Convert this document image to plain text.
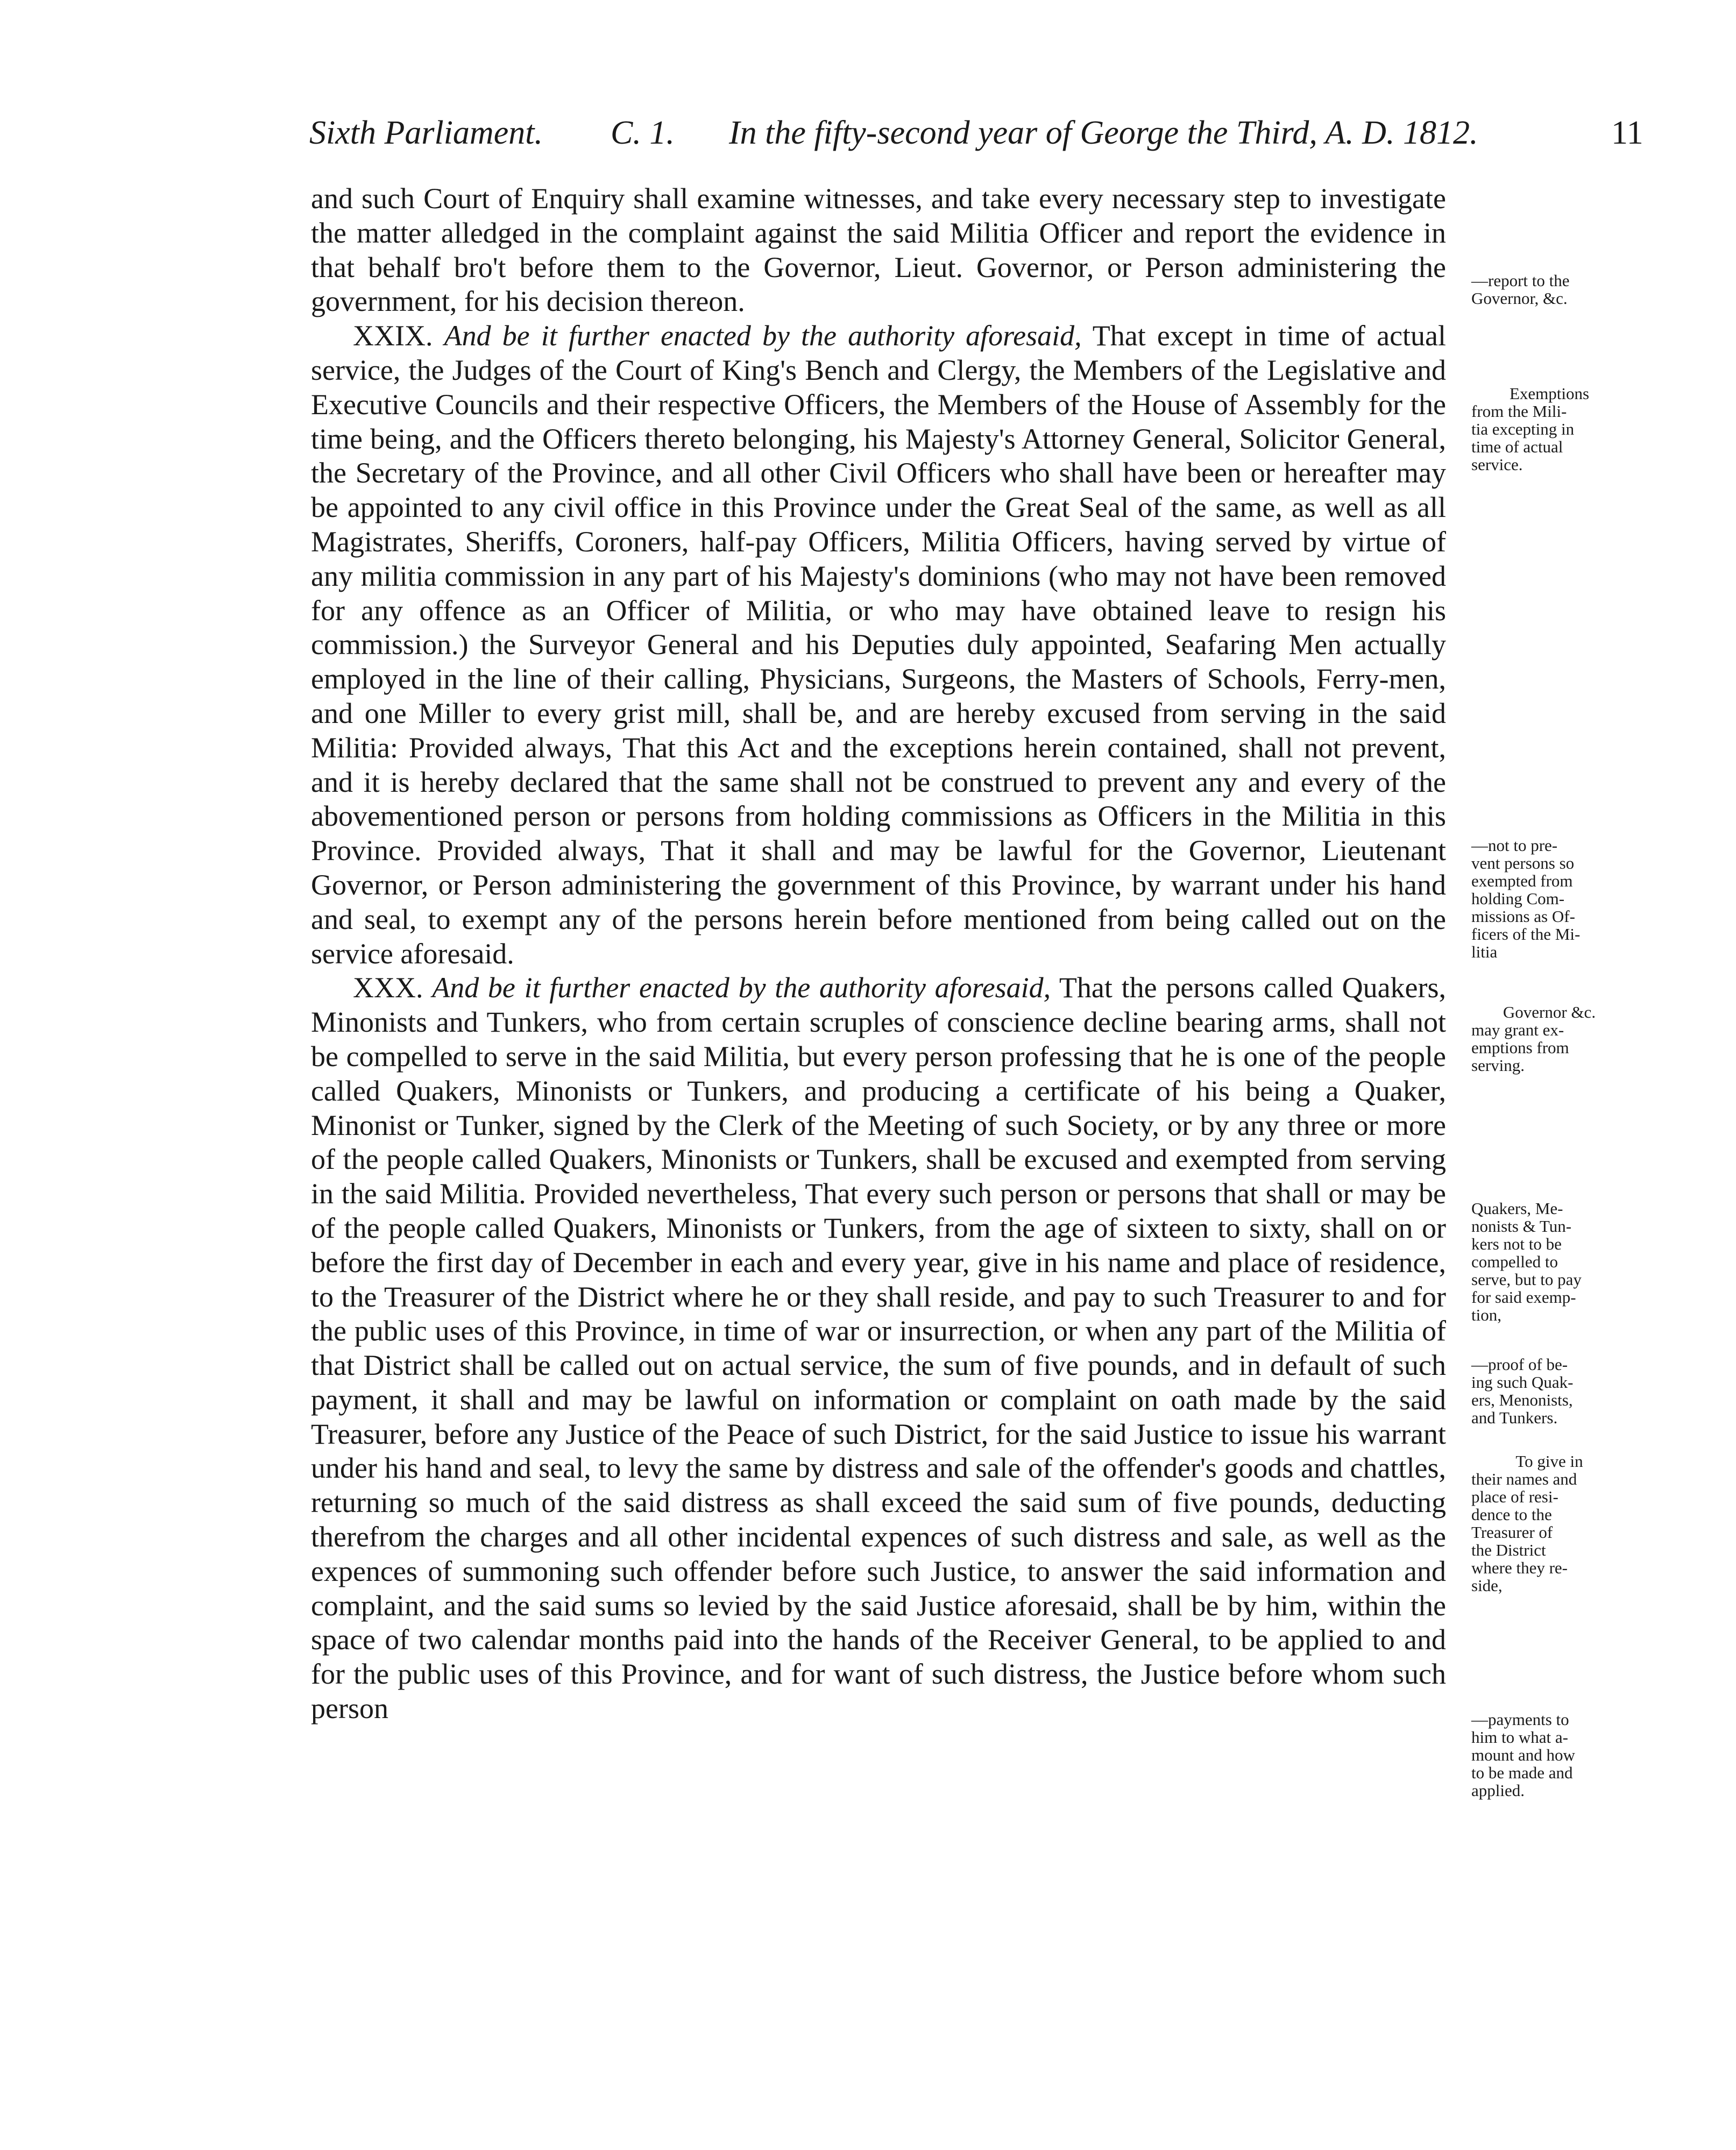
Sixth Parliament. C. 1. In the fifty-second year of George the Third, A. D. 1812.	11

and such Court of Enquiry shall examine witnesses, and take every necessary step to investigate the matter alledged in the complaint against the said Militia Officer and report the evidence in that behalf bro't before them to the Governor, Lieut. Governor, or Person administering the government, for his decision thereon.

XXIX. And be it further enacted by the authority aforesaid, That except in time of actual service, the Judges of the Court of King's Bench and Clergy, the Members of the Legislative and Executive Councils and their respective Officers, the Members of the House of Assembly for the time being, and the Officers thereto belonging, his Majesty's Attorney General, Solicitor General, the Secretary of the Province, and all other Civil Officers who shall have been or hereafter may be appointed to any civil office in this Province under the Great Seal of the same, as well as all Magistrates, Sheriffs, Coroners, half-pay Officers, Militia Officers, having served by virtue of any militia commission in any part of his Majesty's dominions (who may not have been removed for any offence as an Officer of Militia, or who may have obtained leave to resign his commission.) the Surveyor General and his Deputies duly appointed, Seafaring Men actually employed in the line of their calling, Physicians, Surgeons, the Masters of Schools, Ferry-men, and one Miller to every grist mill, shall be, and are hereby excused from serving in the said Militia: Provided always, That this Act and the exceptions herein contained, shall not prevent, and it is hereby declared that the same shall not be construed to prevent any and every of the abovementioned person or persons from holding commissions as Officers in the Militia in this Province. Provided always, That it shall and may be lawful for the Governor, Lieutenant Governor, or Person administering the government of this Province, by warrant under his hand and seal, to exempt any of the persons herein before mentioned from being called out on the service aforesaid.

XXX. And be it further enacted by the authority aforesaid, That the persons called Quakers, Minonists and Tunkers, who from certain scruples of conscience decline bearing arms, shall not be compelled to serve in the said Militia, but every person professing that he is one of the people called Quakers, Minonists or Tunkers, and producing a certificate of his being a Quaker, Minonist or Tunker, signed by the Clerk of the Meeting of such Society, or by any three or more of the people called Quakers, Minonists or Tunkers, shall be excused and exempted from serving in the said Militia. Provided nevertheless, That every such person or persons that shall or may be of the people called Quakers, Minonists or Tunkers, from the age of sixteen to sixty, shall on or before the first day of December in each and every year, give in his name and place of residence, to the Treasurer of the District where he or they shall reside, and pay to such Treasurer to and for the public uses of this Province, in time of war or insurrection, or when any part of the Militia of that District shall be called out on actual service, the sum of five pounds, and in default of such payment, it shall and may be lawful on information or complaint on oath made by the said Treasurer, before any Justice of the Peace of such District, for the said Justice to issue his warrant under his hand and seal, to levy the same by distress and sale of the offender's goods and chattles, returning so much of the said distress as shall exceed the said sum of five pounds, deducting therefrom the charges and all other incidental expences of such distress and sale, as well as the expences of summoning such offender before such Justice, to answer the said information and complaint, and the said sums so levied by the said Justice aforesaid, shall be by him, within the space of two calendar months paid into the hands of the Receiver General, to be applied to and for the public uses of this Province, and for want of such distress, the Justice before whom such person

—report to the
Governor, &c.
Exemptions
from the Mili-
tia excepting in
time of actual
service.
—not to pre-
vent persons so
exempted from
holding Com-
missions as Of-
ficers of the Mi-
litia
Governor &c.
may grant ex-
emptions from
serving.
Quakers, Me-
nonists & Tun-
kers not to be
compelled to
serve, but to pay
for said exemp-
tion,
—proof of be-
ing such Quak-
ers, Menonists,
and Tunkers.
To give in
their names and
place of resi-
dence to the
Treasurer of
the District
where they re-
side,
—payments to
him to what a-
mount and how
to be made and
applied.
